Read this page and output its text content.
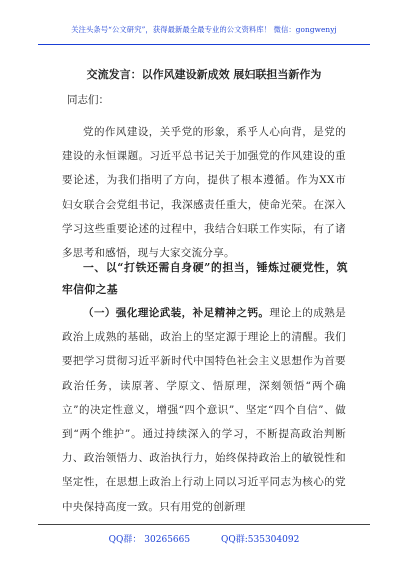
关注头条号“公文研究”，获得最新最全最专业的公文资料库！ 微信：gongwenyj
交流发言：以作风建设新成效 展妇联担当新作为
同志们：

党的作风建设，关乎党的形象，系乎人心向背，是党的建设的永恒课题。习近平总书记关于加强党的作风建设的重要论述，为我们指明了方向，提供了根本遵循。作为XX市妇女联合会党组书记，我深感责任重大，使命光荣。在深入学习这些重要论述的过程中，我结合妇联工作实际，有了诸多思考和感悟，现与大家交流分享。

一、以“打铁还需自身硬”的担当，锤炼过硬党性，筑牢信仰之基

（一）强化理论武装，补足精神之钙。理论上的成熟是政治上成熟的基础，政治上的坚定源于理论上的清醒。我们要把学习贯彻习近平新时代中国特色社会主义思想作为首要政治任务，读原著、学原文、悟原理，深刻领悟“两个确立”的决定性意义，增强“四个意识”、坚定“四个自信”、做到“两个维护”。通过持续深入的学习，不断提高政治判断力、政治领悟力、政治执行力，始终保持政治上的敏锐性和坚定性，在思想上政治上行动上同以习近平同志为核心的党中央保持高度一致。只有用党的创新理

QQ群： 30265665	QQ群:535304092
